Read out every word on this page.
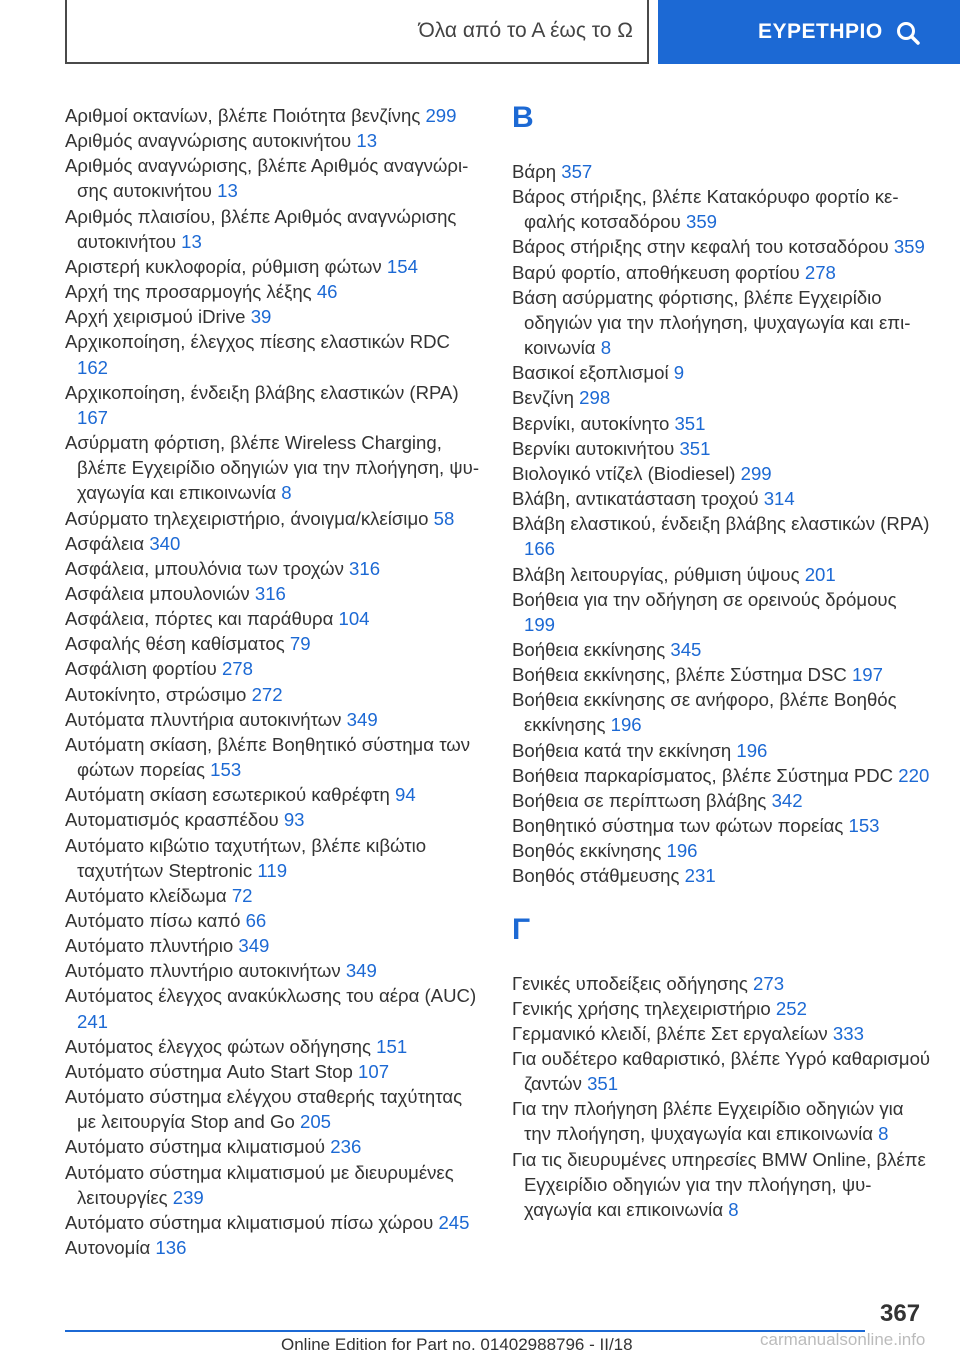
Όλα από το Α έως το Ω	ΕΥΡΕΤΗΡΙΟ
Αριθμοί οκτανίων, βλέπε Ποιότητα βενζίνης 299
Αριθμός αναγνώρισης αυτοκινήτου 13
Αριθμός αναγνώρισης, βλέπε Αριθμός αναγνώρισης αυτοκινήτου 13
Αριθμός πλαισίου, βλέπε Αριθμός αναγνώρισης αυτοκινήτου 13
Αριστερή κυκλοφορία, ρύθμιση φώτων 154
Αρχή της προσαρμογής λέξης 46
Αρχή χειρισμού iDrive 39
Αρχικοποίηση, έλεγχος πίεσης ελαστικών RDC 162
Αρχικοποίηση, ένδειξη βλάβης ελαστικών (RPA) 167
Ασύρματη φόρτιση, βλέπε Wireless Charging, βλέπε Εγχειρίδιο οδηγιών για την πλοήγηση, ψυχαγωγία και επικοινωνία 8
Ασύρματο τηλεχειριστήριο, άνοιγμα/κλείσιμο 58
Ασφάλεια 340
Ασφάλεια, μπουλόνια των τροχών 316
Ασφάλεια μπουλονιών 316
Ασφάλεια, πόρτες και παράθυρα 104
Ασφαλής θέση καθίσματος 79
Ασφάλιση φορτίου 278
Αυτοκίνητο, στρώσιμο 272
Αυτόματα πλυντήρια αυτοκινήτων 349
Αυτόματη σκίαση, βλέπε Βοηθητικό σύστημα των φώτων πορείας 153
Αυτόματη σκίαση εσωτερικού καθρέφτη 94
Αυτοματισμός κρασπέδου 93
Αυτόματο κιβώτιο ταχυτήτων, βλέπε κιβώτιο ταχυτήτων Steptronic 119
Αυτόματο κλείδωμα 72
Αυτόματο πίσω καπό 66
Αυτόματο πλυντήριο 349
Αυτόματο πλυντήριο αυτοκινήτων 349
Αυτόματος έλεγχος ανακύκλωσης του αέρα (AUC) 241
Αυτόματος έλεγχος φώτων οδήγησης 151
Αυτόματο σύστημα Auto Start Stop 107
Αυτόματο σύστημα ελέγχου σταθερής ταχύτητας με λειτουργία Stop and Go 205
Αυτόματο σύστημα κλιματισμού 236
Αυτόματο σύστημα κλιματισμού με διευρυμένες λειτουργίες 239
Αυτόματο σύστημα κλιματισμού πίσω χώρου 245
Αυτονομία 136
Β
Βάρη 357
Βάρος στήριξης, βλέπε Κατακόρυφο φορτίο κεφαλής κοτσαδόρου 359
Βάρος στήριξης στην κεφαλή του κοτσαδόρου 359
Βαρύ φορτίο, αποθήκευση φορτίου 278
Βάση ασύρματης φόρτισης, βλέπε Εγχειρίδιο οδηγιών για την πλοήγηση, ψυχαγωγία και επικοινωνία 8
Βασικοί εξοπλισμοί 9
Βενζίνη 298
Βερνίκι, αυτοκίνητο 351
Βερνίκι αυτοκινήτου 351
Βιολογικό ντίζελ (Biodiesel) 299
Βλάβη, αντικατάσταση τροχού 314
Βλάβη ελαστικού, ένδειξη βλάβης ελαστικών (RPA) 166
Βλάβη λειτουργίας, ρύθμιση ύψους 201
Βοήθεια για την οδήγηση σε ορεινούς δρόμους 199
Βοήθεια εκκίνησης 345
Βοήθεια εκκίνησης, βλέπε Σύστημα DSC 197
Βοήθεια εκκίνησης σε ανήφορο, βλέπε Βοηθός εκκίνησης 196
Βοήθεια κατά την εκκίνηση 196
Βοήθεια παρκαρίσματος, βλέπε Σύστημα PDC 220
Βοήθεια σε περίπτωση βλάβης 342
Βοηθητικό σύστημα των φώτων πορείας 153
Βοηθός εκκίνησης 196
Βοηθός στάθμευσης 231
Γ
Γενικές υποδείξεις οδήγησης 273
Γενικής χρήσης τηλεχειριστήριο 252
Γερμανικό κλειδί, βλέπε Σετ εργαλείων 333
Για ουδέτερο καθαριστικό, βλέπε Υγρό καθαρισμού ζαντών 351
Για την πλοήγηση βλέπε Εγχειρίδιο οδηγιών για την πλοήγηση, ψυχαγωγία και επικοινωνία 8
Για τις διευρυμένες υπηρεσίες BMW Online, βλέπε Εγχειρίδιο οδηγιών για την πλοήγηση, ψυχαγωγία και επικοινωνία 8
367
Online Edition for Part no. 01402988796 - II/18	carmanualsonline.info
